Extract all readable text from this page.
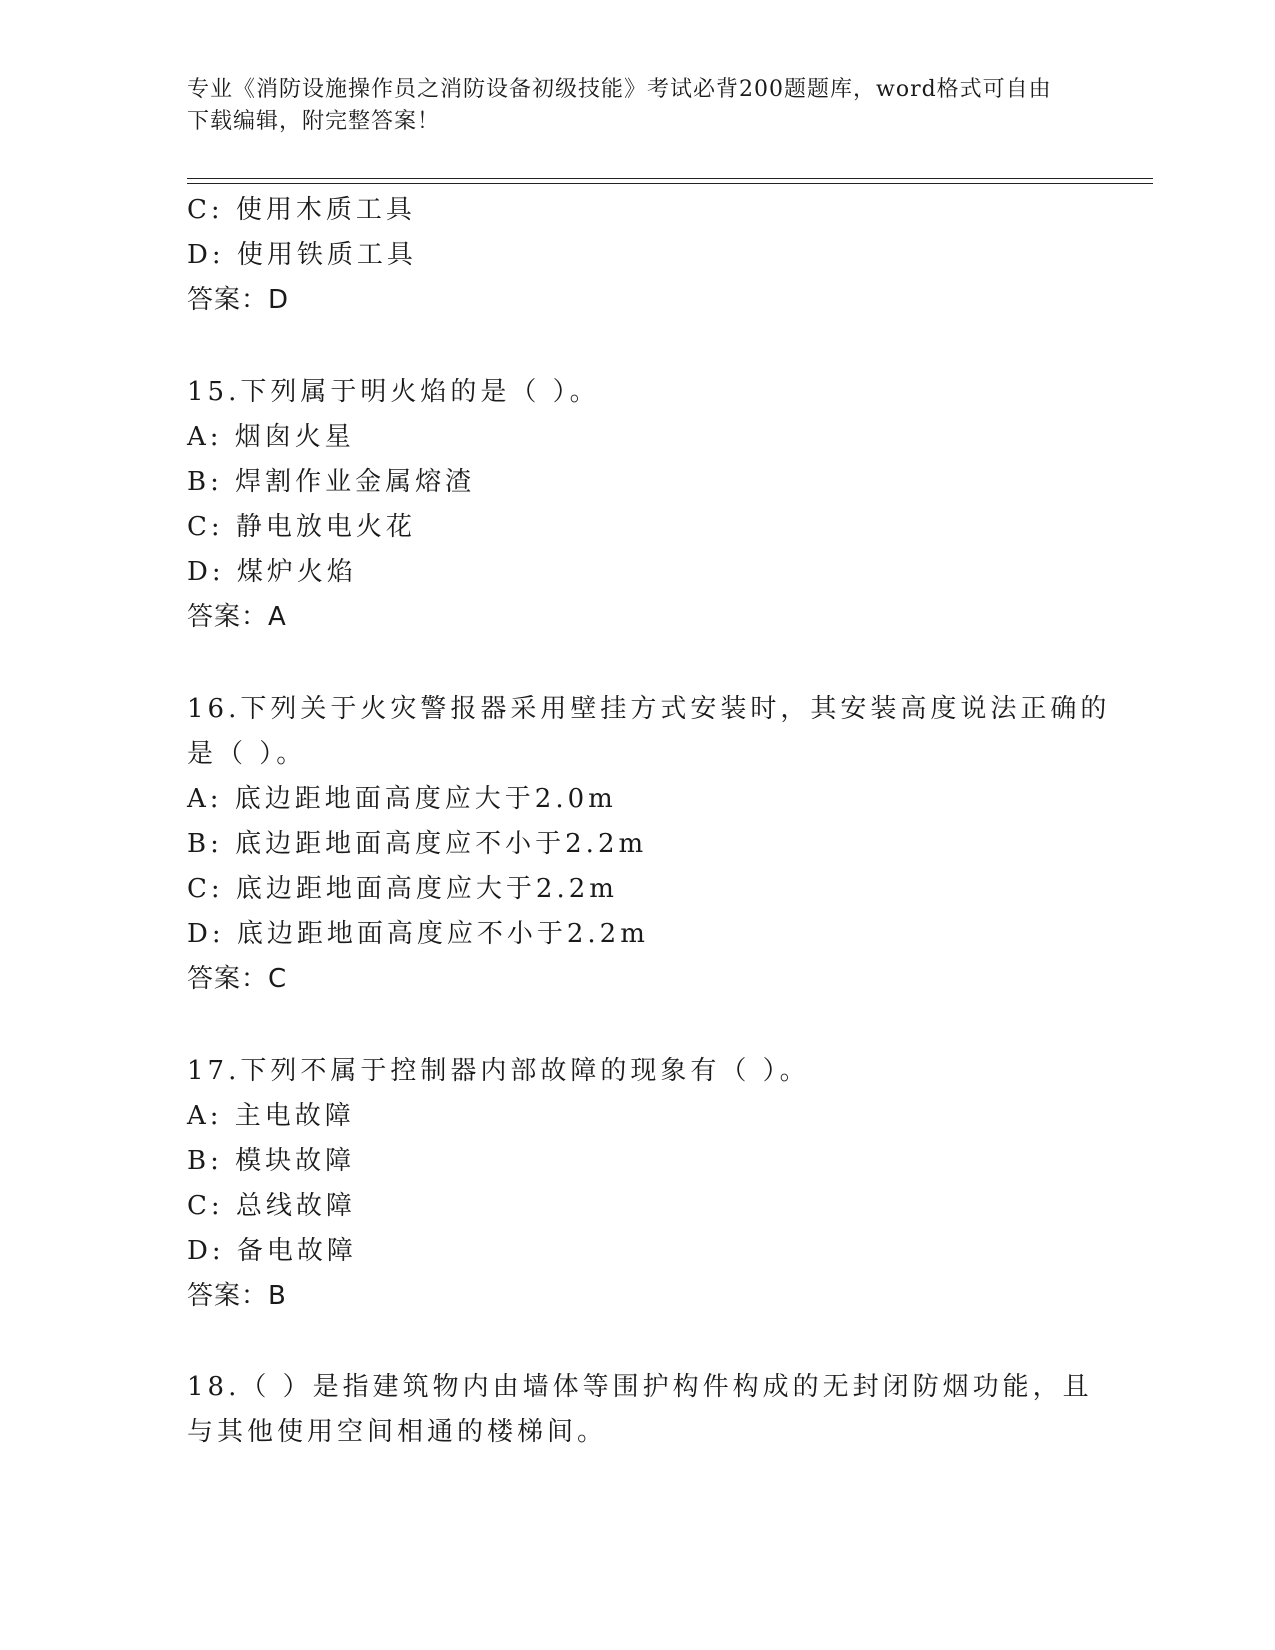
专业《消防设施操作员之消防设备初级技能》考试必背200题题库，word格式可自由下载编辑，附完整答案！
C: 使用木质工具
D: 使用铁质工具
答案：D
15.下列属于明火焰的是（ ）。
A: 烟囱火星
B: 焊割作业金属熔渣
C: 静电放电火花
D: 煤炉火焰
答案：A
16.下列关于火灾警报器采用壁挂方式安装时，其安装高度说法正确的
是（ ）。
A: 底边距地面高度应大于2.0m
B: 底边距地面高度应不小于2.2m
C: 底边距地面高度应大于2.2m
D: 底边距地面高度应不小于2.2m
答案：C
17.下列不属于控制器内部故障的现象有（ ）。
A: 主电故障
B: 模块故障
C: 总线故障
D: 备电故障
答案：B
18.（ ）是指建筑物内由墙体等围护构件构成的无封闭防烟功能，且
与其他使用空间相通的楼梯间。
